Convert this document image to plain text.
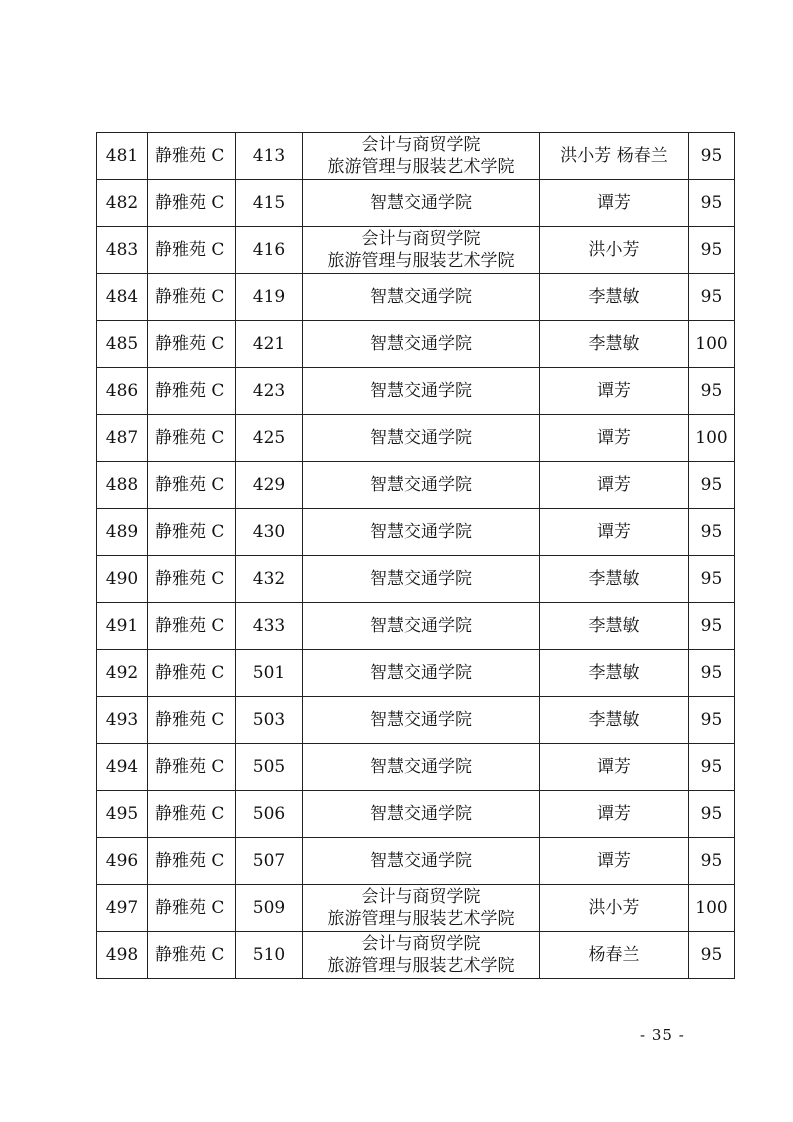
481	静雅苑 C	413	会计与商贸学院
旅游管理与服装艺术学院	洪小芳 杨春兰	95
482	静雅苑 C	415	智慧交通学院	谭芳	95
483	静雅苑 C	416	会计与商贸学院
旅游管理与服装艺术学院	洪小芳	95
484	静雅苑 C	419	智慧交通学院	李慧敏	95
485	静雅苑 C	421	智慧交通学院	李慧敏	100
486	静雅苑 C	423	智慧交通学院	谭芳	95
487	静雅苑 C	425	智慧交通学院	谭芳	100
488	静雅苑 C	429	智慧交通学院	谭芳	95
489	静雅苑 C	430	智慧交通学院	谭芳	95
490	静雅苑 C	432	智慧交通学院	李慧敏	95
491	静雅苑 C	433	智慧交通学院	李慧敏	95
492	静雅苑 C	501	智慧交通学院	李慧敏	95
493	静雅苑 C	503	智慧交通学院	李慧敏	95
494	静雅苑 C	505	智慧交通学院	谭芳	95
495	静雅苑 C	506	智慧交通学院	谭芳	95
496	静雅苑 C	507	智慧交通学院	谭芳	95
497	静雅苑 C	509	会计与商贸学院
旅游管理与服装艺术学院	洪小芳	100
498	静雅苑 C	510	会计与商贸学院
旅游管理与服装艺术学院	杨春兰	95
- 35 -
